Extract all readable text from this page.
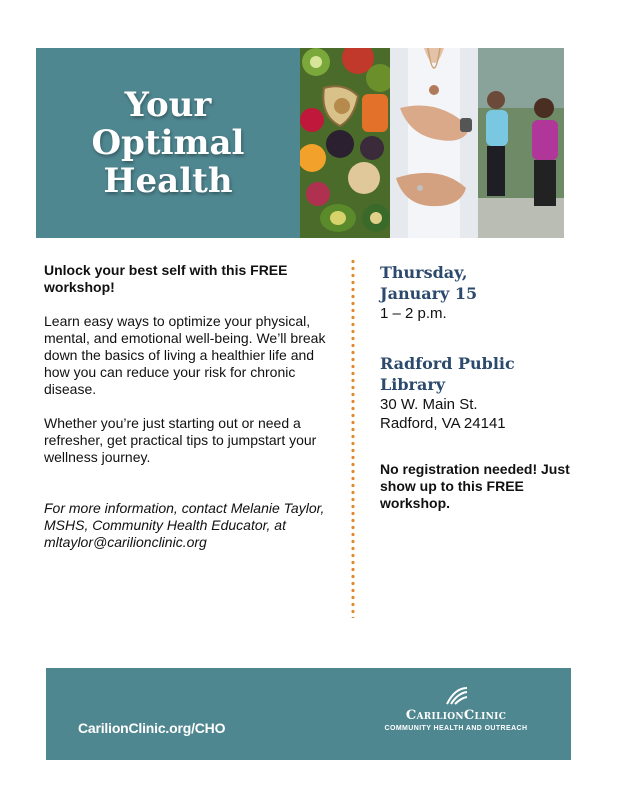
Your
Optimal
Health

Unlock your best self with this FREE workshop!

Learn easy ways to optimize your physical, mental, and emotional well-being. We’ll break down the basics of living a healthier life and how you can reduce your risk for chronic disease.

Whether you’re just starting out or need a refresher, get practical tips to jumpstart your wellness journey.

For more information, contact Melanie Taylor, MSHS, Community Health Educator, at mltaylor@carilionclinic.org

Thursday,

January 15

1 – 2 p.m.

Radford Public

Library

30 W. Main St.

Radford, VA 24141

No registration needed! Just show up to this FREE workshop.

CarilionClinic.org/CHO
CarilionClinic
COMMUNITY HEALTH AND OUTREACH
